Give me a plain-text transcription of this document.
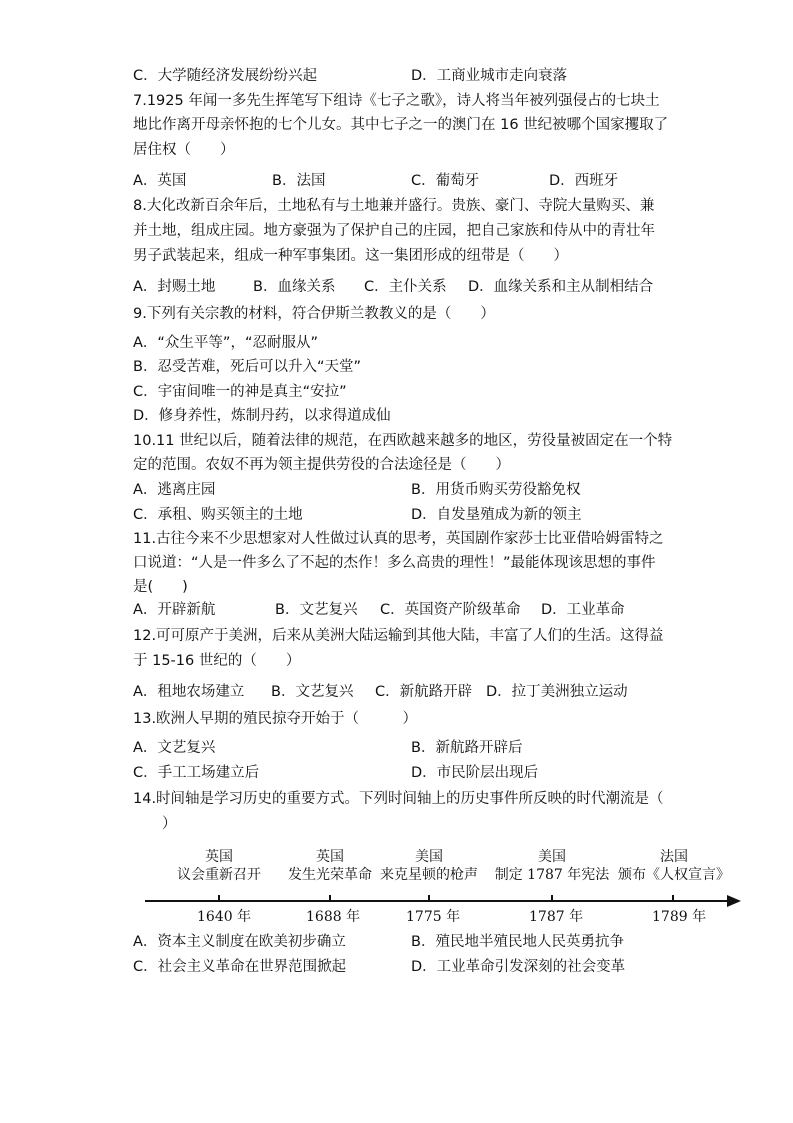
C．大学随经济发展纷纷兴起	D．工商业城市走向衰落
7.1925 年闻一多先生挥笔写下组诗《七子之歌》，诗人将当年被列强侵占的七块土
地比作离开母亲怀抱的七个儿女。其中七子之一的澳门在 16 世纪被哪个国家攫取了
居住权（　　）
A．英国	B．法国	C．葡萄牙	D．西班牙
8.大化改新百余年后，土地私有与土地兼并盛行。贵族、豪门、寺院大量购买、兼
并土地，组成庄园。地方豪强为了保护自己的庄园，把自己家族和侍从中的青壮年
男子武装起来，组成一种军事集团。这一集团形成的纽带是（　　）
A．封赐土地	B．血缘关系 C．主仆关系 D．血缘关系和主从制相结合
9.下列有关宗教的材料，符合伊斯兰教教义的是（　　）
A．“众生平等”，“忍耐服从”
B．忍受苦难，死后可以升入“天堂”
C．宇宙间唯一的神是真主“安拉”
D．修身养性，炼制丹药，以求得道成仙
10.11 世纪以后，随着法律的规范，在西欧越来越多的地区，劳役量被固定在一个特
定的范围。农奴不再为领主提供劳役的合法途径是（　　）
A．逃离庄园	B．用货币购买劳役豁免权
C．承租、购买领主的土地	D．自发垦殖成为新的领主
11.古往今来不少思想家对人性做过认真的思考，英国剧作家莎士比亚借哈姆雷特之
口说道：“人是一件多么了不起的杰作！多么高贵的理性！”最能体现该思想的事件
是(　　)
A．开辟新航	B．文艺复兴 C．英国资产阶级革命 D．工业革命
12.可可原产于美洲，后来从美洲大陆运输到其他大陆，丰富了人们的生活。这得益
于 15-16 世纪的（　　）
A．租地农场建立 B．文艺复兴 C．新航路开辟 D．拉丁美洲独立运动
13.欧洲人早期的殖民掠夺开始于（　　　）
A．文艺复兴	B．新航路开辟后
C．手工工场建立后	D．市民阶层出现后
14.时间轴是学习历史的重要方式。下列时间轴上的历史事件所反映的时代潮流是（
　　）
英国
议会重新召开
英国
发生光荣革命
美国
来克星顿的枪声
美国
制定 1787 年宪法
法国
颁布《人权宣言》
1640 年	1688 年	1775 年	1787 年	1789 年
A．资本主义制度在欧美初步确立	B．殖民地半殖民地人民英勇抗争
C．社会主义革命在世界范围掀起	D．工业革命引发深刻的社会变革
